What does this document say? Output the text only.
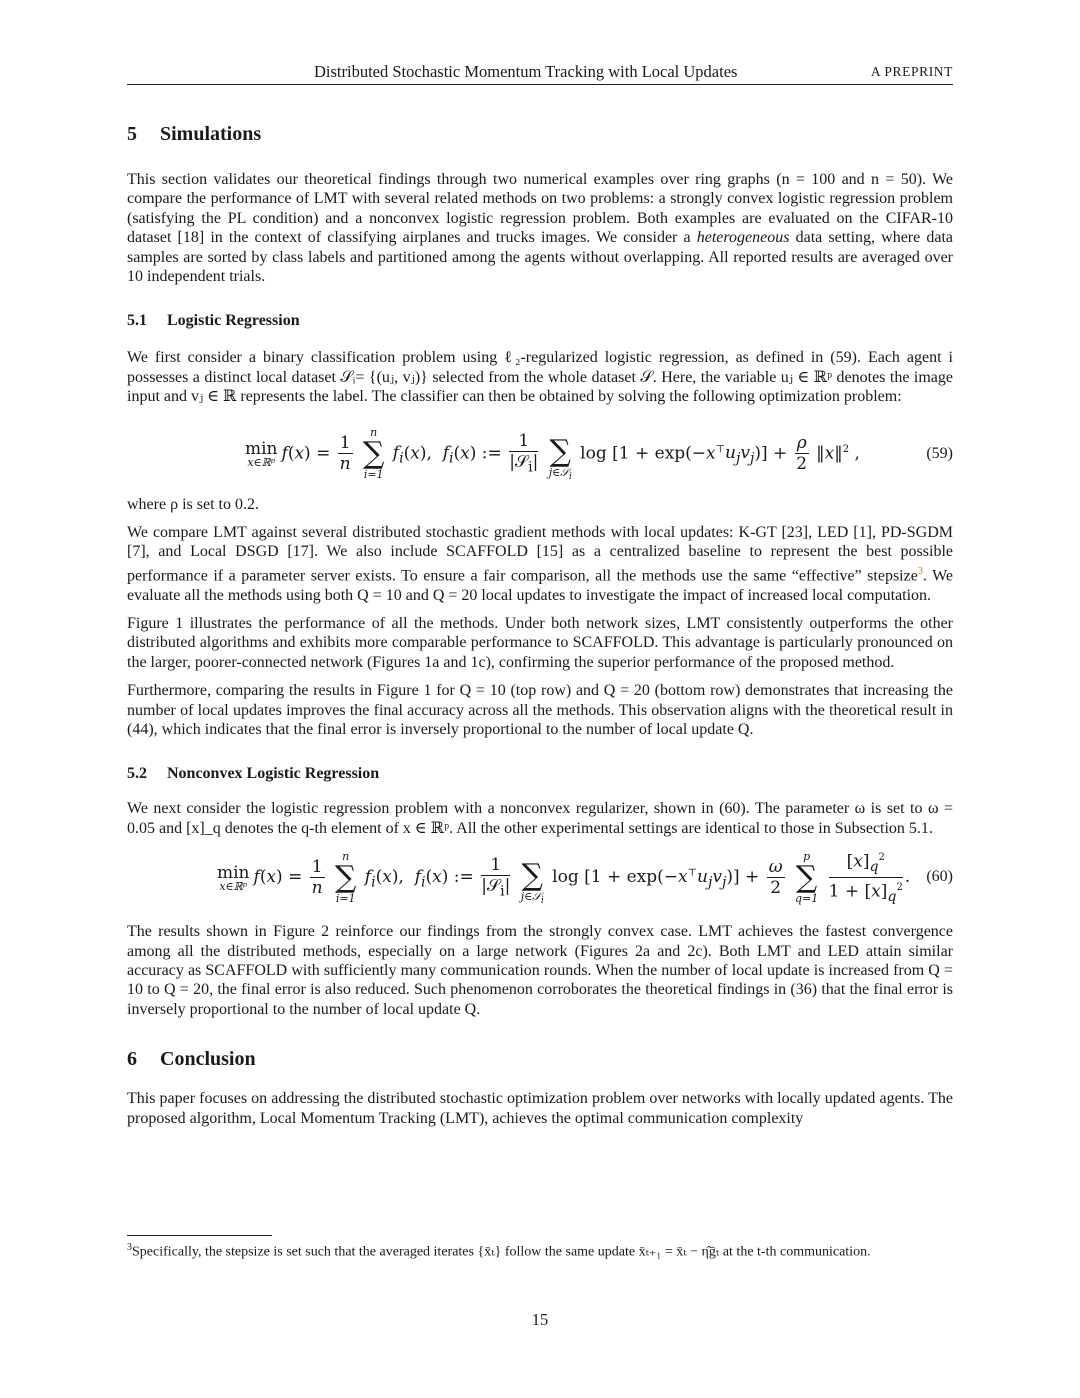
Distributed Stochastic Momentum Tracking with Local Updates	A PREPRINT
5 Simulations

This section validates our theoretical findings through two numerical examples over ring graphs (n = 100 and n = 50). We compare the performance of LMT with several related methods on two problems: a strongly convex logistic regression problem (satisfying the PL condition) and a nonconvex logistic regression problem. Both examples are evaluated on the CIFAR-10 dataset [18] in the context of classifying airplanes and trucks images. We consider a heterogeneous data setting, where data samples are sorted by class labels and partitioned among the agents without overlapping. All reported results are averaged over 10 independent trials.

5.1 Logistic Regression

We first consider a binary classification problem using ℓ₂-regularized logistic regression, as defined in (59). Each agent i possesses a distinct local dataset 𝒮ᵢ= {(uⱼ, vⱼ)} selected from the whole dataset 𝒮. Here, the variable uⱼ ∈ ℝᵖ denotes the image input and vⱼ ∈ ℝ represents the label. The classifier can then be obtained by solving the following optimization problem:

min
x∈ℝᵖ $f(x) = \frac{1}{n}$

n
∑
i=1
$f_i(x)$,  $f_i(x)$ := $\frac{1}{|𝒮_i|}$

∑
j∈𝒮$_i$
$\log [1 + \exp(-x^⊤u_jv_j)] + \frac{\rho}{2}$ ‖x‖$^2$ ,	(59)

where ρ is set to 0.2.

We compare LMT against several distributed stochastic gradient methods with local updates: K-GT [23], LED [1], PD-SGDM [7], and Local DSGD [17]. We also include SCAFFOLD [15] as a centralized baseline to represent the best possible performance if a parameter server exists. To ensure a fair comparison, all the methods use the same “effective” stepsize$^3$. We evaluate all the methods using both Q = 10 and Q = 20 local updates to investigate the impact of increased local computation.

Figure 1 illustrates the performance of all the methods. Under both network sizes, LMT consistently outperforms the other distributed algorithms and exhibits more comparable performance to SCAFFOLD. This advantage is particularly pronounced on the larger, poorer-connected network (Figures 1a and 1c), confirming the superior performance of the proposed method.

Furthermore, comparing the results in Figure 1 for Q = 10 (top row) and Q = 20 (bottom row) demonstrates that increasing the number of local updates improves the final accuracy across all the methods. This observation aligns with the theoretical result in (44), which indicates that the final error is inversely proportional to the number of local update Q.

5.2 Nonconvex Logistic Regression

We next consider the logistic regression problem with a nonconvex regularizer, shown in (60). The parameter ω is set to ω = 0.05 and [x]_q denotes the q-th element of x ∈ ℝᵖ. All the other experimental settings are identical to those in Subsection 5.1.

min
x∈ℝᵖ $f(x) = \frac{1}{n}$

n
∑
i=1
$f_i(x)$,  $f_i(x)$ := $\frac{1}{|𝒮_i|}$

∑
j∈𝒮$_i$
$\log [1 + \exp(-x^⊤u_jv_j)] + \frac{\omega}{2}$

p
∑
q=1
$\frac{[x]_q^2}{1 + [x]_q^2}$ . (60)

The results shown in Figure 2 reinforce our findings from the strongly convex case. LMT achieves the fastest convergence among all the distributed methods, especially on a large network (Figures 2a and 2c). Both LMT and LED attain similar accuracy as SCAFFOLD with sufficiently many communication rounds. When the number of local update is increased from Q = 10 to Q = 20, the final error is also reduced. Such phenomenon corroborates the theoretical findings in (36) that the final error is inversely proportional to the number of local update Q.

6 Conclusion

This paper focuses on addressing the distributed stochastic optimization problem over networks with locally updated agents. The proposed algorithm, Local Momentum Tracking (LMT), achieves the optimal communication complexity

$^3$Specifically, the stepsize is set such that the averaged iterates {x̄ₜ} follow the same update x̄ₜ₊₁ = x̄ₜ − η̂ḡₜ at the t-th communication.
15
